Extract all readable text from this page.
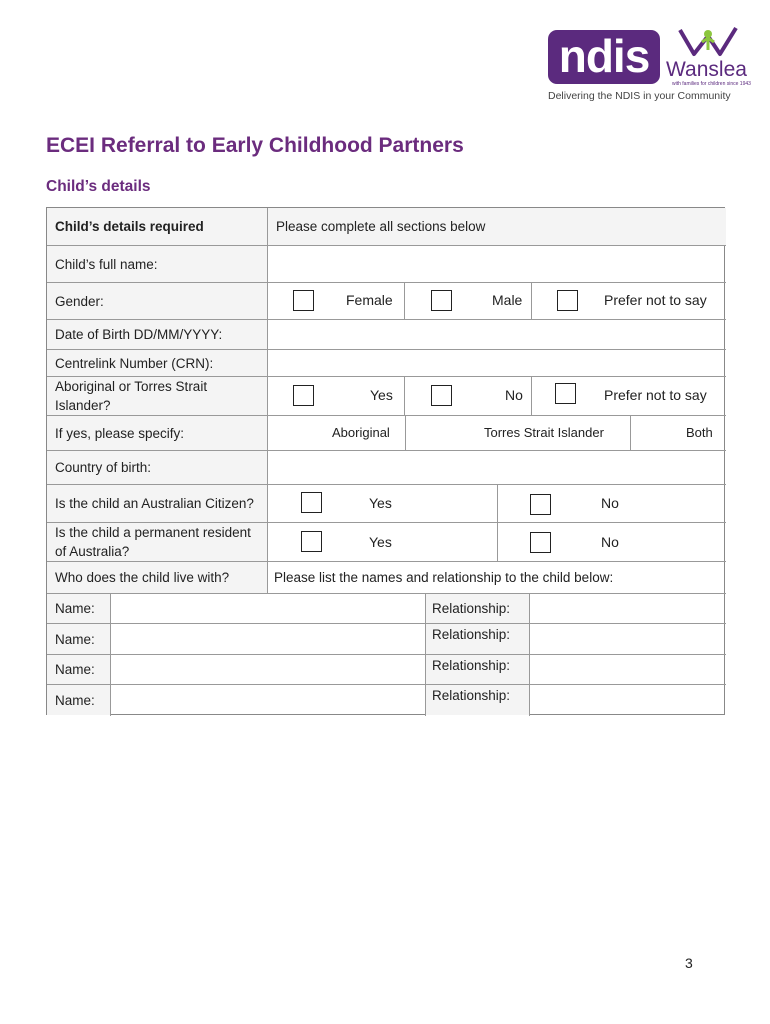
ndis Wanslea
with families for children since 1943
Delivering the NDIS in your Community
ECEI Referral to Early Childhood Partners
Child’s details
Child’s details required	Please complete all sections below
Child’s full name:
Gender:	Female	Male	Prefer not to say
Date of Birth DD/MM/YYYY:
Centrelink Number (CRN):
Aboriginal or Torres Strait Islander?
Yes	No	Prefer not to say
If yes, please specify:	Aboriginal	Torres Strait Islander	Both
Country of birth:
Is the child an Australian Citizen?	Yes	No
Is the child a permanent resident of Australia?
Yes	No
Who does the child live with?	Please list the names and relationship to the child below:
Name:	Relationship:
Name:	Relationship:
Name:	Relationship:
Name:	Relationship:
3
